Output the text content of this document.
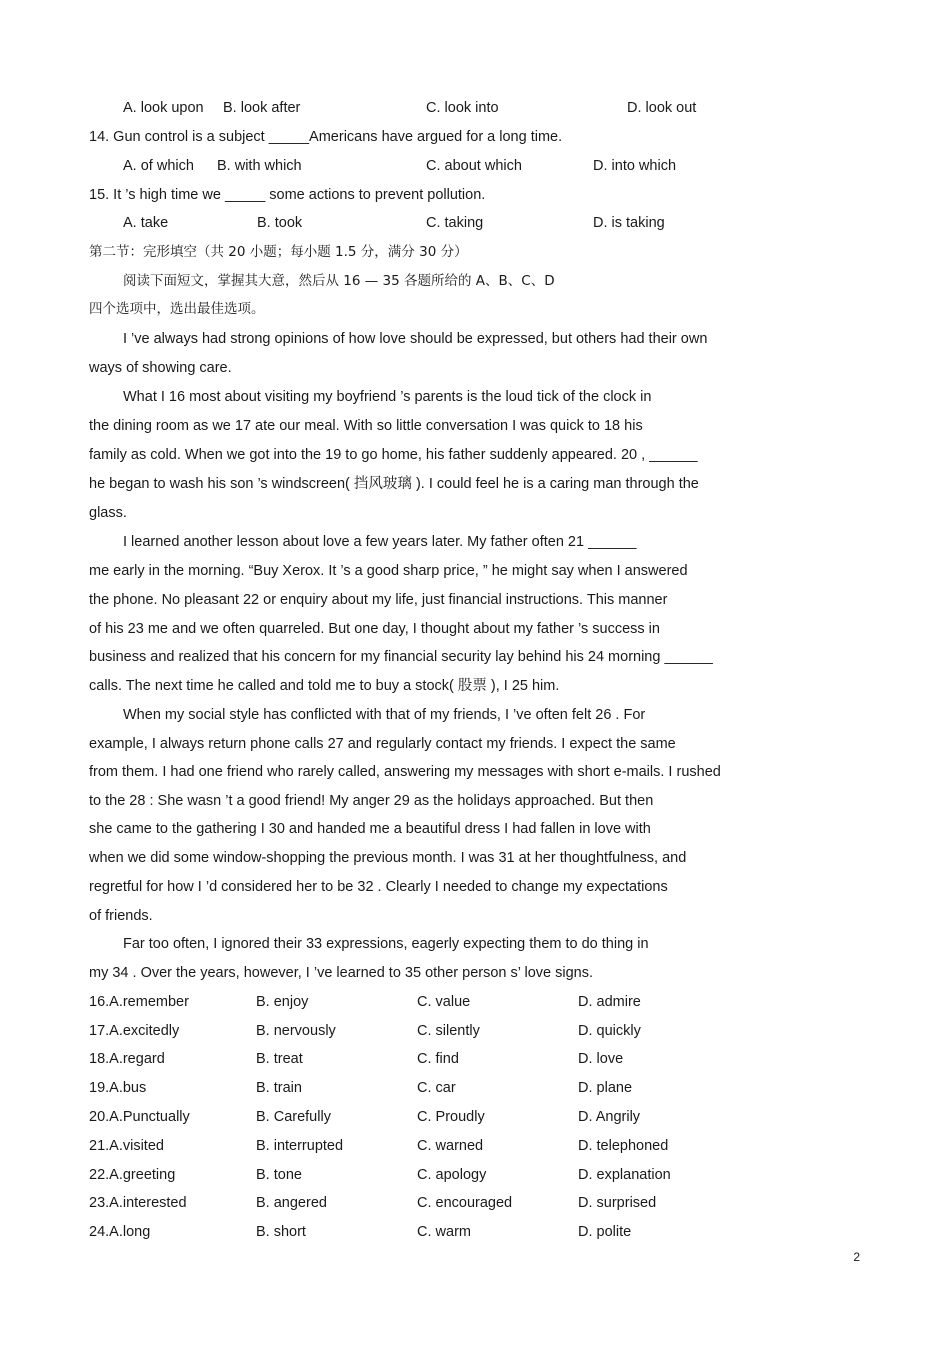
A. look upon B. look after	C. look into	D. look out
14. Gun control is a subject _____Americans have argued for a long time.
A. of which B. with which	C. about which	D. into which
15. It ’s high time we _____ some actions to prevent pollution.
A. take	B. took	C. taking	D. is taking
第二节：完形填空（共 20 小题；每小题 1.5 分，满分 30 分）
阅读下面短文，掌握其大意，然后从 16 — 35 各题所给的 A、B、C、D
四个选项中，选出最佳选项。
I ’ve always had strong opinions of how love should be expressed, but others had their own
ways of showing care.
What I 16 most about visiting my boyfriend ’s parents is the loud tick of the clock in
the dining room as we 17 ate our meal. With so little conversation I was quick to 18 his
family as cold. When we got into the 19 to go home, his father suddenly appeared. 20 , ______
he began to wash his son ’s windscreen( 挡风玻璃 ). I could feel he is a caring man through the
glass.
I learned another lesson about love a few years later. My father often 21 ______
me early in the morning. “Buy Xerox. It ’s a good sharp price, ” he might say when I answered
the phone. No pleasant 22 or enquiry about my life, just financial instructions. This manner
of his 23 me and we often quarreled. But one day, I thought about my father ’s success in
business and realized that his concern for my financial security lay behind his 24 morning ______
calls. The next time he called and told me to buy a stock( 股票 ), I 25 him.
When my social style has conflicted with that of my friends, I ’ve often felt 26 . For
example, I always return phone calls 27 and regularly contact my friends. I expect the same
from them. I had one friend who rarely called, answering my messages with short e-mails. I rushed
to the 28 : She wasn ’t a good friend! My anger 29 as the holidays approached. But then
she came to the gathering I 30 and handed me a beautiful dress I had fallen in love with
when we did some window-shopping the previous month. I was 31 at her thoughtfulness, and
regretful for how I ’d considered her to be 32 . Clearly I needed to change my expectations
of friends.
Far too often, I ignored their 33 expressions, eagerly expecting them to do thing in
my 34 . Over the years, however, I ’ve learned to 35 other person s’ love signs.
16.A.remember	B. enjoy	C. value	D. admire
17.A.excitedly	B. nervously	C. silently	D. quickly
18.A.regard	B. treat	C. find	D. love
19.A.bus	B. train	C. car	D. plane
20.A.Punctually	B. Carefully	C. Proudly	D. Angrily
21.A.visited	B. interrupted	C. warned	D. telephoned
22.A.greeting	B. tone	C. apology	D. explanation
23.A.interested	B. angered	C. encouraged	D. surprised
24.A.long	B. short	C. warm	D. polite
2
